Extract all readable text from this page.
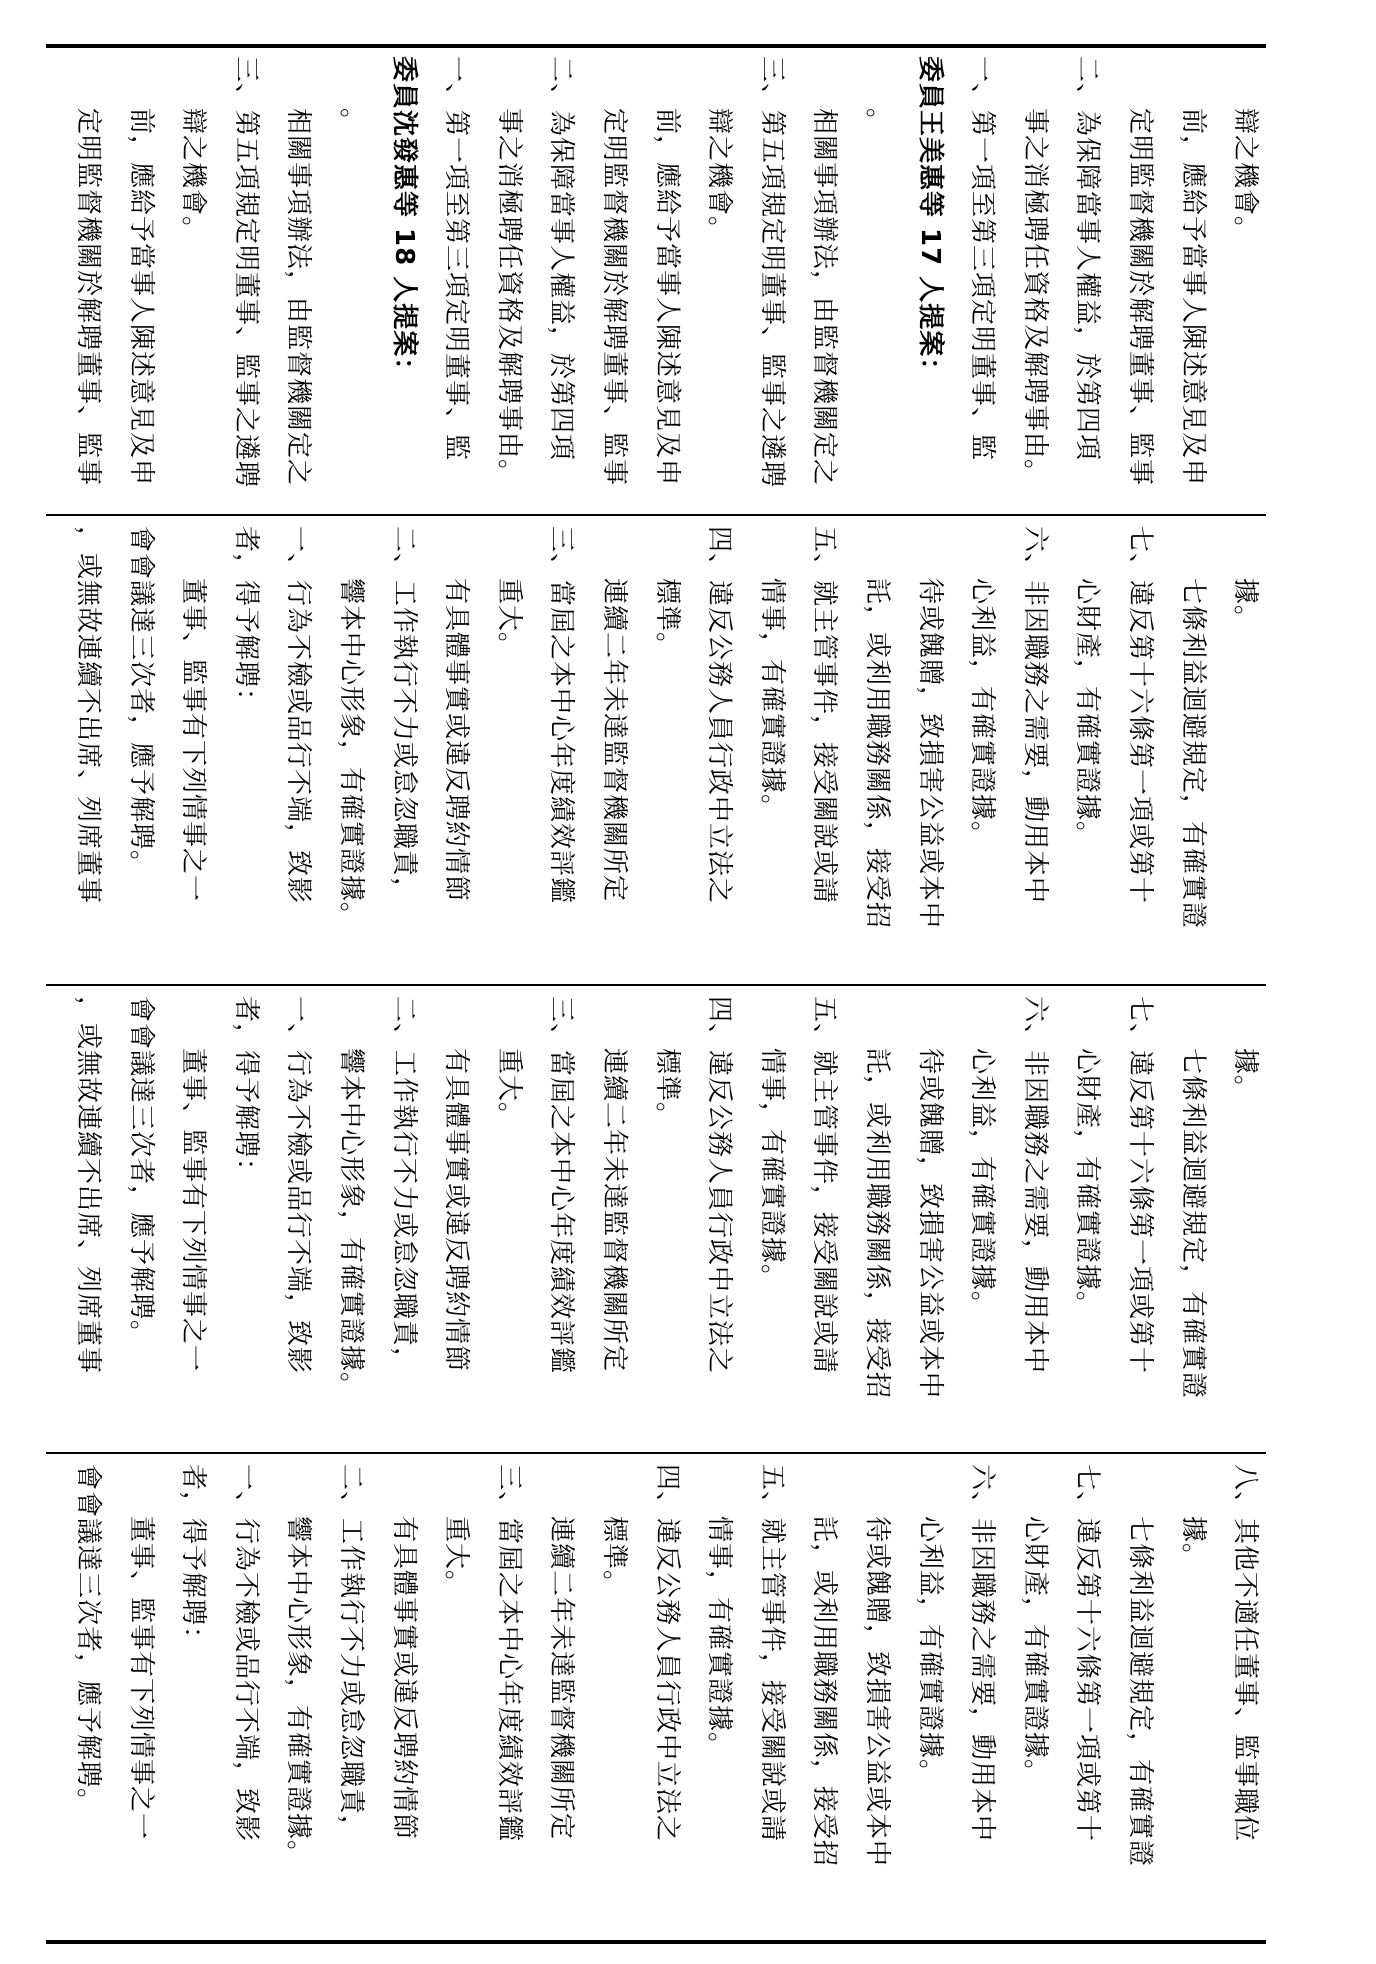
定明監督機關於解聘董事、監事 前，應給予當事人陳述意見及申 辯之機會。 三、第五項規定明董事、監事之遴聘 相關事項辦法，由監督機關定之 。 委員沈發惠等 18 人提案： 一、第一項至第三項定明董事、監 事之消極聘任資格及解聘事由。 二、為保障當事人權益，於第四項 定明監督機關於解聘董事、監事 前，應給予當事人陳述意見及申 辯之機會。 三、第五項規定明董事、監事之遴聘 相關事項辦法，由監督機關定之 。 委員王美惠等 17 人提案： 一、第一項至第三項定明董事、監 事之消極聘任資格及解聘事由。 二、為保障當事人權益，於第四項 定明監督機關於解聘董事、監事 前，應給予當事人陳述意見及申 辯之機會。
，或無故連續不出席、列席董事 會會議達三次者，應予解聘。 董事、監事有下列情事之一 者，得予解聘： 一、行為不檢或品行不端，致影 響本中心形象，有確實證據。 二、工作執行不力或怠忽職責， 有具體事實或違反聘約情節 重大。 三、當屆之本中心年度績效評鑑 連續二年未達監督機關所定 標準。 四、違反公務人員行政中立法之 情事，有確實證據。 五、就主管事件，接受關說或請 託，或利用職務關係，接受招 待或餽贈，致損害公益或本中 心利益，有確實證據。 六、非因職務之需要，動用本中 心財產，有確實證據。 七、違反第十六條第一項或第十 七條利益迴避規定，有確實證 據。
，或無故連續不出席、列席董事 會會議達三次者，應予解聘。 董事、監事有下列情事之一 者，得予解聘： 一、行為不檢或品行不端，致影 響本中心形象，有確實證據。 二、工作執行不力或怠忽職責， 有具體事實或違反聘約情節 重大。 三、當屆之本中心年度績效評鑑 連續二年未達監督機關所定 標準。 四、違反公務人員行政中立法之 情事，有確實證據。 五、就主管事件，接受關說或請 託，或利用職務關係，接受招 待或餽贈，致損害公益或本中 心利益，有確實證據。 六、非因職務之需要，動用本中 心財產，有確實證據。 七、違反第十六條第一項或第十 七條利益迴避規定，有確實證 據。
會會議達三次者，應予解聘。 董事、監事有下列情事之一 者，得予解聘： 一、行為不檢或品行不端，致影 響本中心形象，有確實證據。 二、工作執行不力或怠忽職責， 有具體事實或違反聘約情節 重大。 三、當屆之本中心年度績效評鑑 連續二年未達監督機關所定 標準。 四、違反公務人員行政中立法之 情事，有確實證據。 五、就主管事件，接受關說或請 託，或利用職務關係，接受招 待或餽贈，致損害公益或本中 心利益，有確實證據。 六、非因職務之需要，動用本中 心財產，有確實證據。 七、違反第十六條第一項或第十 七條利益迴避規定，有確實證 據。 八、其他不適任董事、監事職位
